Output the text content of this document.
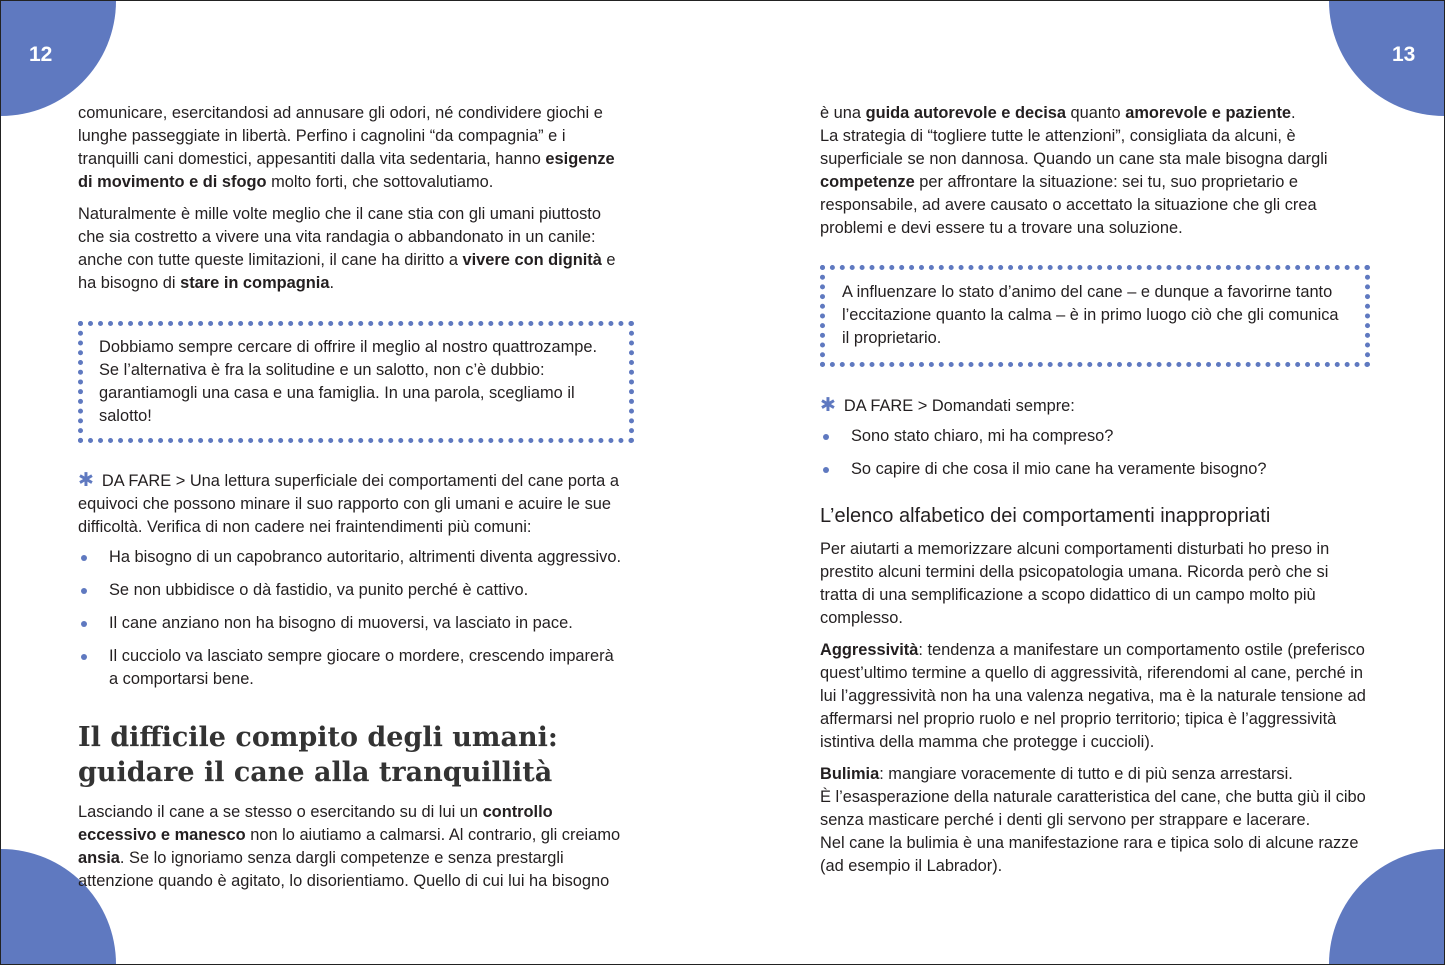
12	13

comunicare, esercitandosi ad annusare gli odori, né condividere giochi e lunghe passeggiate in libertà. Perfino i cagnolini “da compagnia” e i tranquilli cani domestici, appesantiti dalla vita sedentaria, hanno esigenze di movimento e di sfogo molto forti, che sottovalutiamo.

Naturalmente è mille volte meglio che il cane stia con gli umani piuttosto che sia costretto a vivere una vita randagia o abbandonato in un canile: anche con tutte queste limitazioni, il cane ha diritto a vivere con dignità e ha bisogno di stare in compagnia.

Dobbiamo sempre cercare di offrire il meglio al nostro quattrozampe. Se l’alternativa è fra la solitudine e un salotto, non c’è dubbio: garantiamogli una casa e una famiglia. In una parola, scegliamo il salotto!

✱ DA FARE > Una lettura superficiale dei comportamenti del cane porta a equivoci che possono minare il suo rapporto con gli umani e acuire le sue difficoltà. Verifica di non cadere nei fraintendimenti più comuni:

Ha bisogno di un capobranco autoritario, altrimenti diventa aggressivo.
Se non ubbidisce o dà fastidio, va punito perché è cattivo.
Il cane anziano non ha bisogno di muoversi, va lasciato in pace.
Il cucciolo va lasciato sempre giocare o mordere, crescendo imparerà a comportarsi bene.
Il difficile compito degli umani:
guidare il cane alla tranquillità

Lasciando il cane a se stesso o esercitando su di lui un controllo eccessivo e manesco non lo aiutiamo a calmarsi. Al contrario, gli creiamo ansia. Se lo ignoriamo senza dargli competenze e senza prestargli attenzione quando è agitato, lo disorientiamo. Quello di cui lui ha bisogno

è una guida autorevole e decisa quanto amorevole e paziente.
La strategia di “togliere tutte le attenzioni”, consigliata da alcuni, è superficiale se non dannosa. Quando un cane sta male bisogna dargli competenze per affrontare la situazione: sei tu, suo proprietario e responsabile, ad avere causato o accettato la situazione che gli crea problemi e devi essere tu a trovare una soluzione.

A influenzare lo stato d’animo del cane – e dunque a favorirne tanto l’eccitazione quanto la calma – è in primo luogo ciò che gli comunica il proprietario.

✱ DA FARE > Domandati sempre:

Sono stato chiaro, mi ha compreso?
So capire di che cosa il mio cane ha veramente bisogno?
L’elenco alfabetico dei comportamenti inappropriati

Per aiutarti a memorizzare alcuni comportamenti disturbati ho preso in prestito alcuni termini della psicopatologia umana. Ricorda però che si tratta di una semplificazione a scopo didattico di un campo molto più complesso.

Aggressività: tendenza a manifestare un comportamento ostile (preferisco quest’ultimo termine a quello di aggressività, riferendomi al cane, perché in lui l’aggressività non ha una valenza negativa, ma è la naturale tensione ad affermarsi nel proprio ruolo e nel proprio territorio; tipica è l’aggressività istintiva della mamma che protegge i cuccioli).

Bulimia: mangiare voracemente di tutto e di più senza arrestarsi.
È l’esasperazione della naturale caratteristica del cane, che butta giù il cibo senza masticare perché i denti gli servono per strappare e lacerare.
Nel cane la bulimia è una manifestazione rara e tipica solo di alcune razze (ad esempio il Labrador).
